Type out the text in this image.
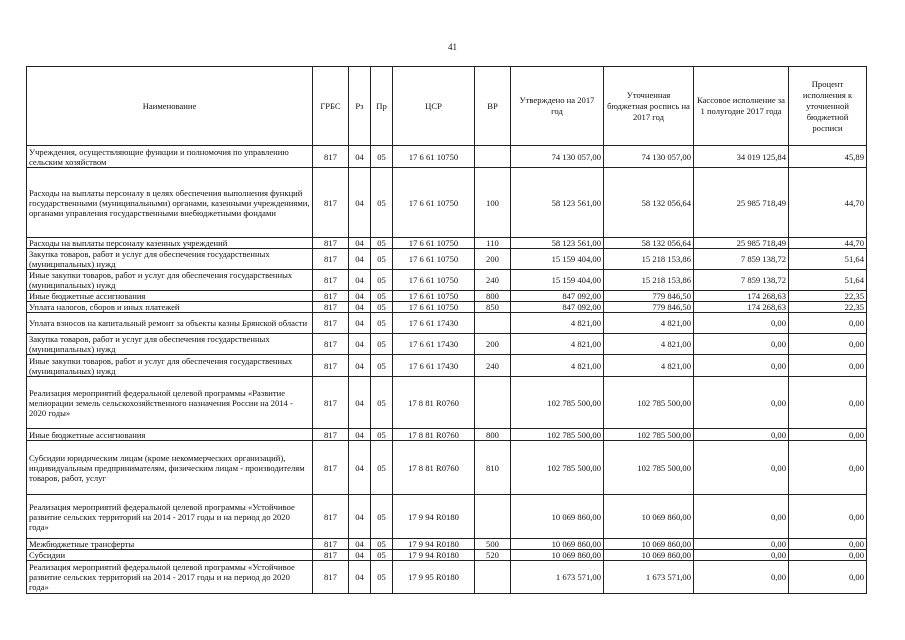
41
Наименование	ГРБС	Рз	Пр	ЦСР	ВР	Утверждено на 2017 год	Уточненная бюджетная роспись на 2017 год	Кассовое исполнение за 1 полугодие 2017 года	Процент исполнения к уточненной бюджетной росписи
Учреждения, осуществляющие функции и полномочия по управлению сельским хозяйством	817	04	05	17 6 61 10750		74 130 057,00	74 130 057,00	34 019 125,84	45,89
Расходы на выплаты персоналу в целях обеспечения выполнения функций государственными (муниципальными) органами, казенными учреждениями, органами управления государственными внебюджетными фондами	817	04	05	17 6 61 10750	100	58 123 561,00	58 132 056,64	25 985 718,49	44,70
Расходы на выплаты персоналу казенных учреждений	817	04	05	17 6 61 10750	110	58 123 561,00	58 132 056,64	25 985 718,49	44,70
Закупка товаров, работ и услуг для обеспечения государственных (муниципальных) нужд	817	04	05	17 6 61 10750	200	15 159 404,00	15 218 153,86	7 859 138,72	51,64
Иные закупки товаров, работ и услуг для обеспечения государственных (муниципальных) нужд	817	04	05	17 6 61 10750	240	15 159 404,00	15 218 153,86	7 859 138,72	51,64
Иные бюджетные ассигнования	817	04	05	17 6 61 10750	800	847 092,00	779 846,50	174 268,63	22,35
Уплата налогов, сборов и иных платежей	817	04	05	17 6 61 10750	850	847 092,00	779 846,50	174 268,63	22,35
Уплата взносов на капитальный ремонт за объекты казны Брянской области	817	04	05	17 6 61 17430		4 821,00	4 821,00	0,00	0,00
Закупка товаров, работ и услуг для обеспечения государственных (муниципальных) нужд	817	04	05	17 6 61 17430	200	4 821,00	4 821,00	0,00	0,00
Иные закупки товаров, работ и услуг для обеспечения государственных (муниципальных) нужд	817	04	05	17 6 61 17430	240	4 821,00	4 821,00	0,00	0,00
Реализация мероприятий федеральной целевой программы «Развитие мелиорации земель сельскохозяйственного назначения России на 2014 - 2020 годы»	817	04	05	17 8 81 R0760		102 785 500,00	102 785 500,00	0,00	0,00
Иные бюджетные ассигнования	817	04	05	17 8 81 R0760	800	102 785 500,00	102 785 500,00	0,00	0,00
Субсидии юридическим лицам (кроме некоммерческих организаций), индивидуальным предпринимателям, физическим лицам - производителям товаров, работ, услуг	817	04	05	17 8 81 R0760	810	102 785 500,00	102 785 500,00	0,00	0,00
Реализация мероприятий федеральной целевой программы «Устойчивое развитие сельских территорий на 2014 - 2017 годы и на период до 2020 года»	817	04	05	17 9 94 R0180		10 069 860,00	10 069 860,00	0,00	0,00
Межбюджетные трансферты	817	04	05	17 9 94 R0180	500	10 069 860,00	10 069 860,00	0,00	0,00
Субсидии	817	04	05	17 9 94 R0180	520	10 069 860,00	10 069 860,00	0,00	0,00
Реализация мероприятий федеральной целевой программы «Устойчивое развитие сельских территорий на 2014 - 2017 годы и на период до 2020 года»	817	04	05	17 9 95 R0180		1 673 571,00	1 673 571,00	0,00	0,00
